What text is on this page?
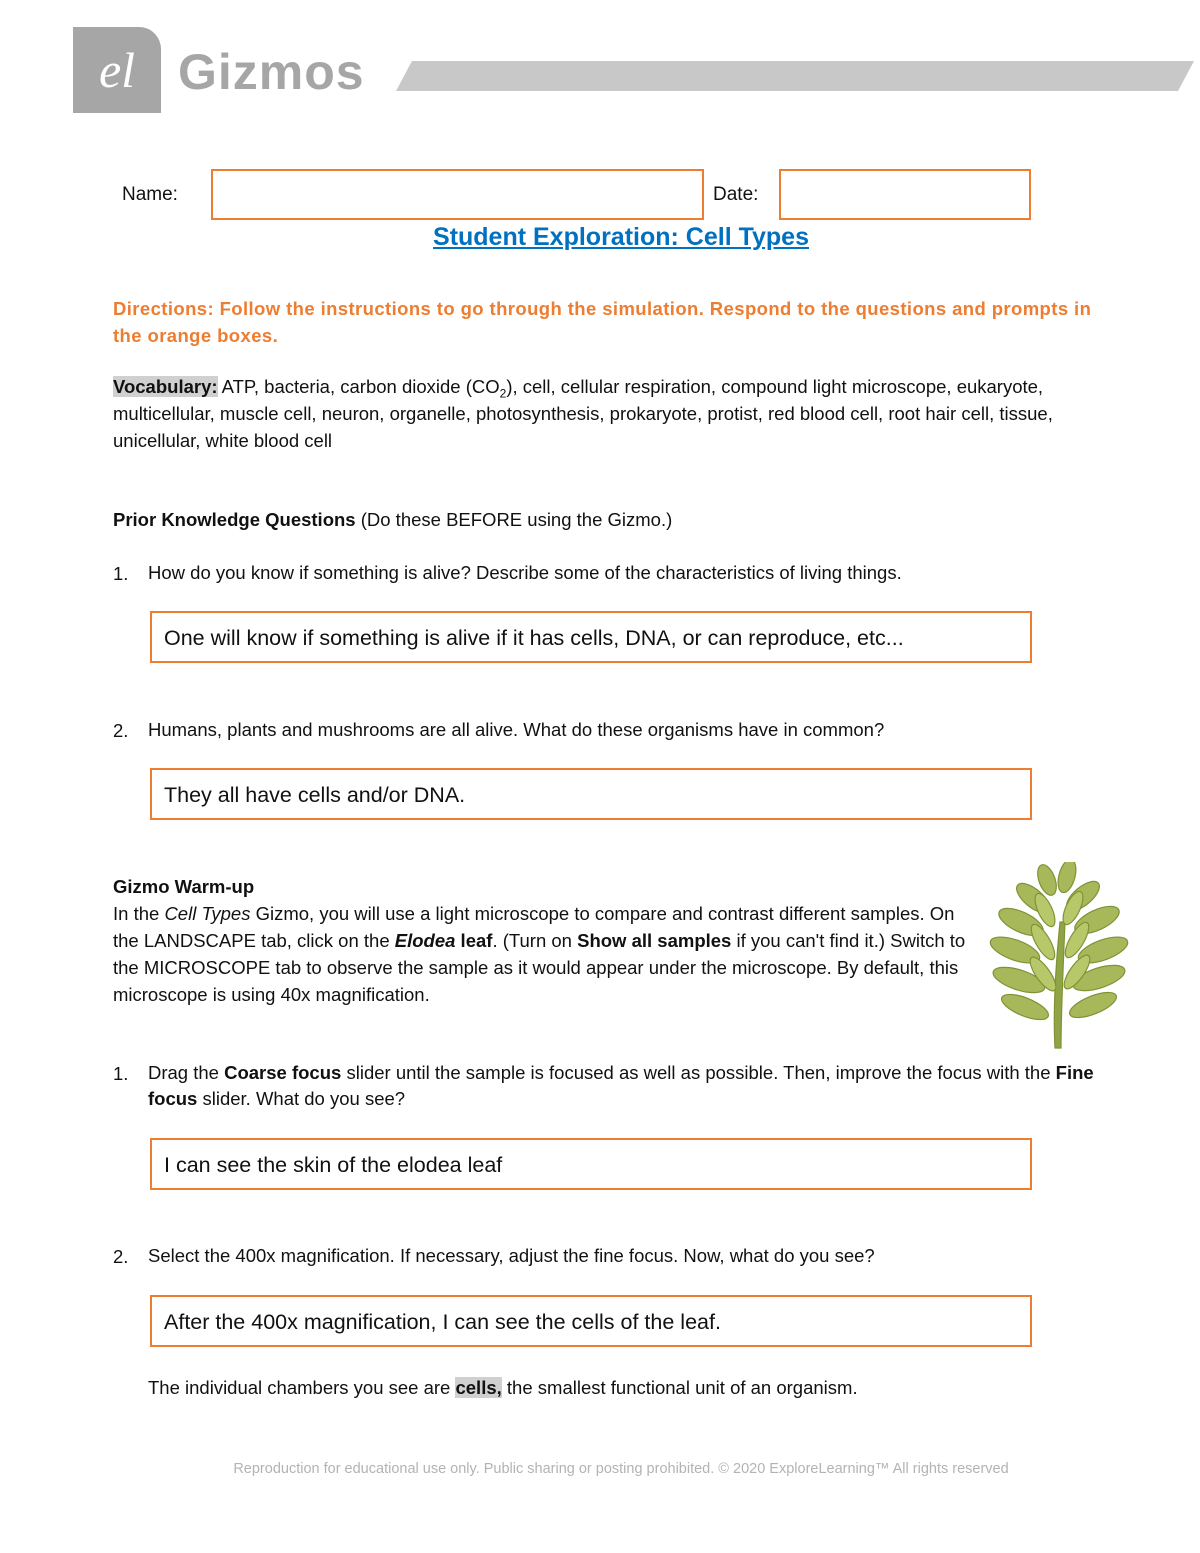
el Gizmos
Name:	Date:
Student Exploration: Cell Types
Directions: Follow the instructions to go through the simulation. Respond to the questions and prompts in the orange boxes.
Vocabulary: ATP, bacteria, carbon dioxide $(CO_2)$, cell, cellular respiration, compound light microscope, eukaryote, multicellular, muscle cell, neuron, organelle, photosynthesis, prokaryote, protist, red blood cell, root hair cell, tissue, unicellular, white blood cell
Prior Knowledge Questions (Do these BEFORE using the Gizmo.)
1. How do you know if something is alive? Describe some of the characteristics of living things.
One will know if something is alive if it has cells, DNA, or can reproduce, etc...
2. Humans, plants and mushrooms are all alive. What do these organisms have in common?
They all have cells and/or DNA.
Gizmo Warm-up
In the Cell Types Gizmo, you will use a light microscope to compare and contrast different samples. On the LANDSCAPE tab, click on the Elodea leaf. (Turn on Show all samples if you can't find it.) Switch to the MICROSCOPE tab to observe the sample as it would appear under the microscope. By default, this microscope is using 40x magnification.
1. Drag the Coarse focus slider until the sample is focused as well as possible. Then, improve the focus with the Fine focus slider. What do you see?
I can see the skin of the elodea leaf
2. Select the 400x magnification. If necessary, adjust the fine focus. Now, what do you see?
After the 400x magnification, I can see the cells of the leaf.
The individual chambers you see are cells, the smallest functional unit of an organism.
Reproduction for educational use only. Public sharing or posting prohibited. © 2020 ExploreLearning™ All rights reserved
